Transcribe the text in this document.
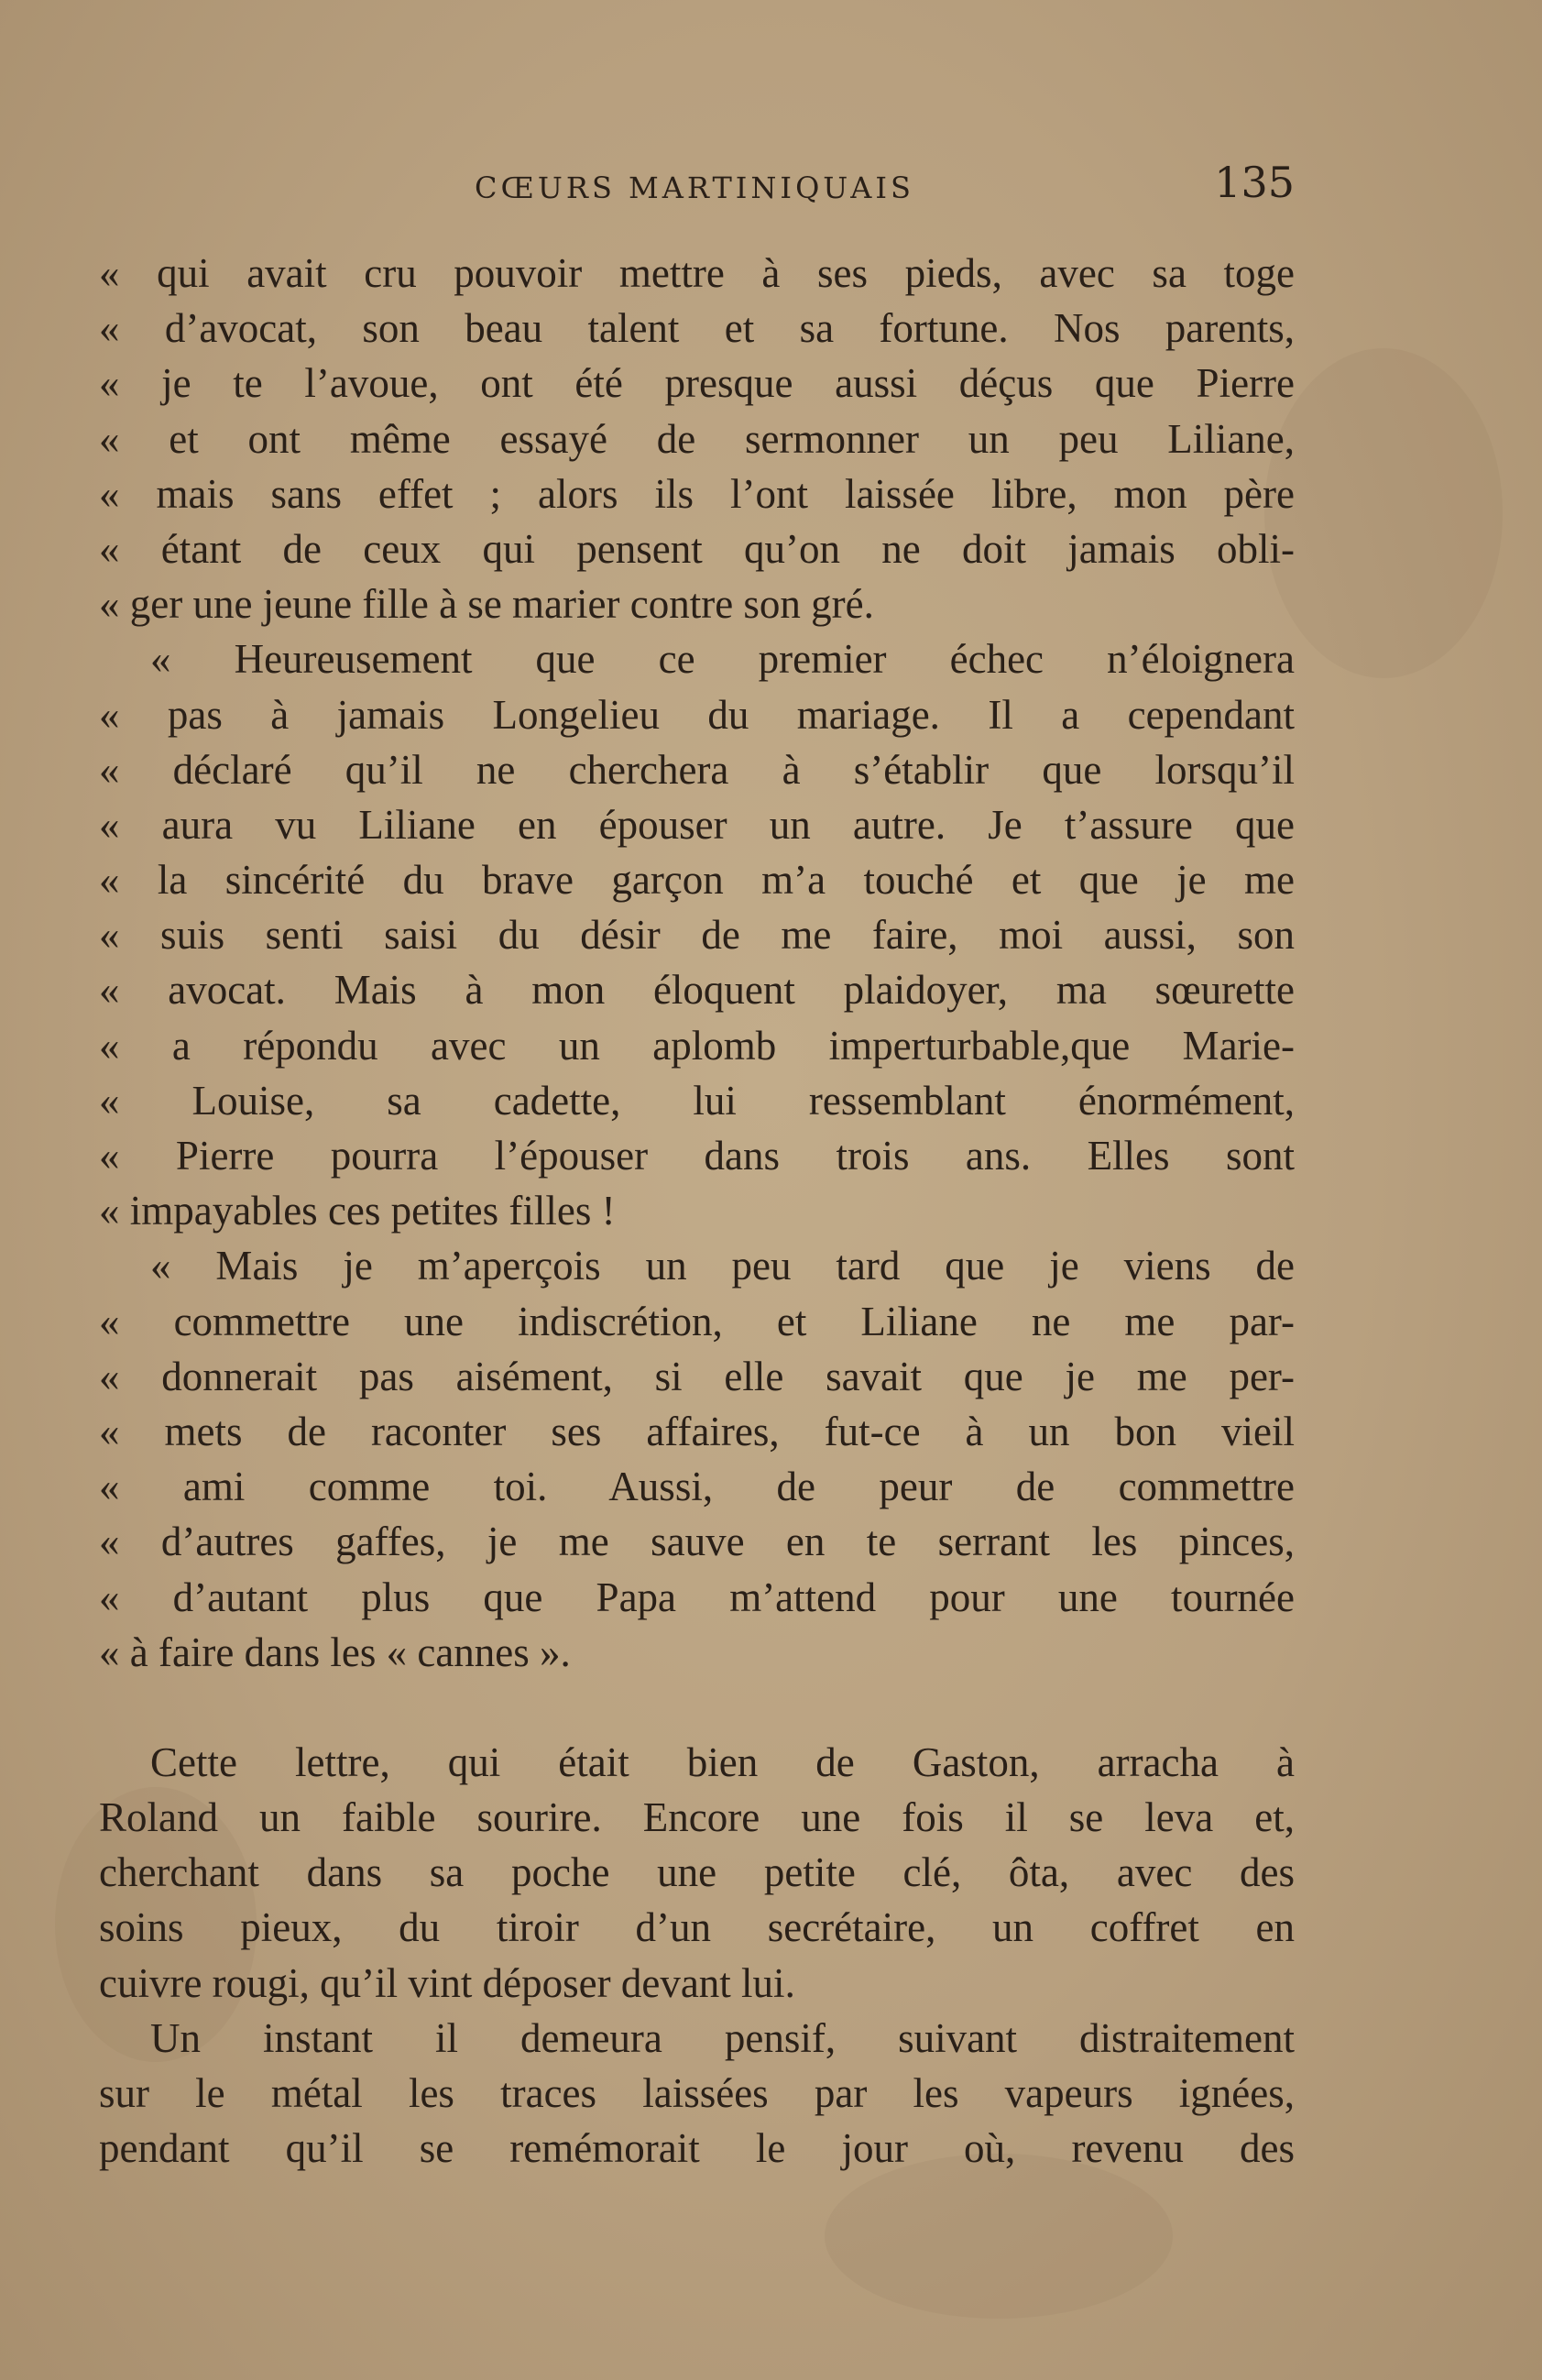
CŒURS MARTINIQUAIS	135
« qui avait cru pouvoir mettre à ses pieds, avec sa toge
« d’avocat, son beau talent et sa fortune. Nos parents,
« je te l’avoue, ont été presque aussi déçus que Pierre
« et ont même essayé de sermonner un peu Liliane,
« mais sans effet ; alors ils l’ont laissée libre, mon père
« étant de ceux qui pensent qu’on ne doit jamais obli-
« ger une jeune fille à se marier contre son gré.
« Heureusement que ce premier échec n’éloignera
« pas à jamais Longelieu du mariage. Il a cependant
« déclaré qu’il ne cherchera à s’établir que lorsqu’il
« aura vu Liliane en épouser un autre. Je t’assure que
« la sincérité du brave garçon m’a touché et que je me
« suis senti saisi du désir de me faire, moi aussi, son
« avocat. Mais à mon éloquent plaidoyer, ma sœurette
« a répondu avec un aplomb imperturbable,que Marie-
« Louise, sa cadette, lui ressemblant énormément,
« Pierre pourra l’épouser dans trois ans. Elles sont
« impayables ces petites filles !
« Mais je m’aperçois un peu tard que je viens de
« commettre une indiscrétion, et Liliane ne me par-
« donnerait pas aisément, si elle savait que je me per-
« mets de raconter ses affaires, fut-ce à un bon vieil
« ami comme toi. Aussi, de peur de commettre
« d’autres gaffes, je me sauve en te serrant les pinces,
« d’autant plus que Papa m’attend pour une tournée
« à faire dans les « cannes ».
Cette lettre, qui était bien de Gaston, arracha à
Roland un faible sourire. Encore une fois il se leva et,
cherchant dans sa poche une petite clé, ôta, avec des
soins pieux, du tiroir d’un secrétaire, un coffret en
cuivre rougi, qu’il vint déposer devant lui.
Un instant il demeura pensif, suivant distraitement
sur le métal les traces laissées par les vapeurs ignées,
pendant qu’il se remémorait le jour où, revenu des
